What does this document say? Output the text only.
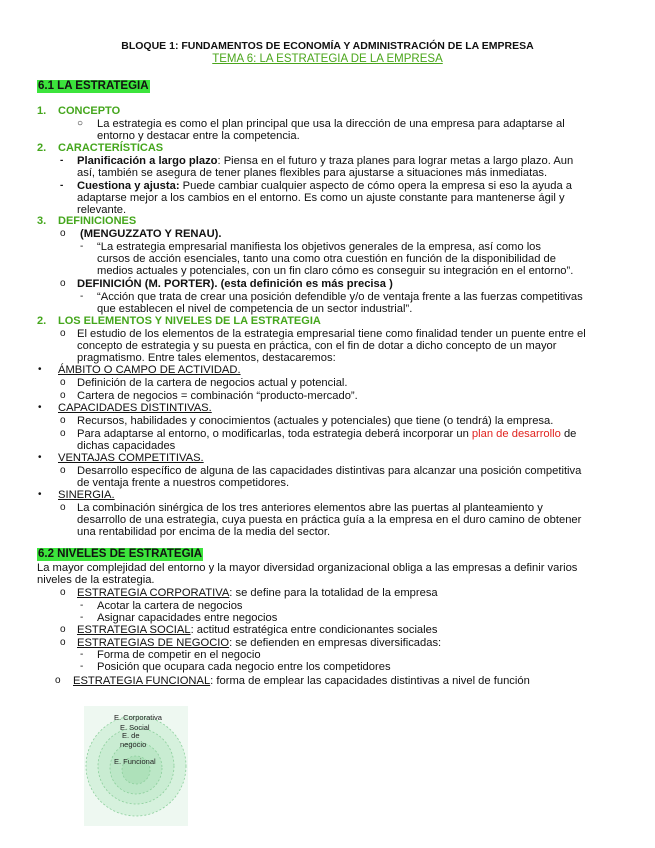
BLOQUE 1: FUNDAMENTOS DE ECONOMÍA Y ADMINISTRACIÓN DE LA EMPRESA
TEMA 6: LA ESTRATEGIA DE LA EMPRESA
6.1 LA ESTRATEGIA
1. CONCEPTO
○ La estrategia es como el plan principal que usa la dirección de una empresa para adaptarse al
entorno y destacar entre la competencia.
2. CARACTERÍSTICAS
- Planificación a largo plazo: Piensa en el futuro y traza planes para lograr metas a largo plazo. Aun
así, también se asegura de tener planes flexibles para ajustarse a situaciones más inmediatas.
- Cuestiona y ajusta: Puede cambiar cualquier aspecto de cómo opera la empresa si eso la ayuda a
adaptarse mejor a los cambios en el entorno. Es como un ajuste constante para mantenerse ágil y
relevante.
3. DEFINICIONES
o (MENGUZZATO Y RENAU).
- “La estrategia empresarial manifiesta los objetivos generales de la empresa, así como los
cursos de acción esenciales, tanto una como otra cuestión en función de la disponibilidad de
medios actuales y potenciales, con un fin claro cómo es conseguir su integración en el entorno”.
o DEFINICIÓN (M. PORTER). (esta definición es más precisa )
- “Acción que trata de crear una posición defendible y/o de ventaja frente a las fuerzas competitivas
que establecen el nivel de competencia de un sector industrial”.
2. LOS ELEMENTOS Y NIVELES DE LA ESTRATEGIA
o El estudio de los elementos de la estrategia empresarial tiene como finalidad tender un puente entre el
concepto de estrategia y su puesta en práctica, con el fin de dotar a dicho concepto de un mayor
pragmatismo. Entre tales elementos, destacaremos:
• ÁMBITO O CAMPO DE ACTIVIDAD.
o Definición de la cartera de negocios actual y potencial.
o Cartera de negocios = combinación “producto-mercado”.
• CAPACIDADES DISTINTIVAS.
o Recursos, habilidades y conocimientos (actuales y potenciales) que tiene (o tendrá) la empresa.
o Para adaptarse al entorno, o modificarlas, toda estrategia deberá incorporar un plan de desarrollo de
dichas capacidades
• VENTAJAS COMPETITIVAS.
o Desarrollo específico de alguna de las capacidades distintivas para alcanzar una posición competitiva
de ventaja frente a nuestros competidores.
• SINERGIA.
o La combinación sinérgica de los tres anteriores elementos abre las puertas al planteamiento y
desarrollo de una estrategia, cuya puesta en práctica guía a la empresa en el duro camino de obtener
una rentabilidad por encima de la media del sector.
6.2 NIVELES DE ESTRATEGIA
La mayor complejidad del entorno y la mayor diversidad organizacional obliga a las empresas a definir varios
niveles de la estrategia.
o ESTRATEGIA CORPORATIVA: se define para la totalidad de la empresa
- Acotar la cartera de negocios
- Asignar capacidades entre negocios
o ESTRATEGIA SOCIAL: actitud estratégica entre condicionantes sociales
o ESTRATEGIAS DE NEGOCIO: se defienden en empresas diversificadas:
- Forma de competir en el negocio
- Posición que ocupara cada negocio entre los competidores
o ESTRATEGIA FUNCIONAL: forma de emplear las capacidades distintivas a nivel de función
E. Corporativa
E. Social
E. de
negocio
E. Funcional
